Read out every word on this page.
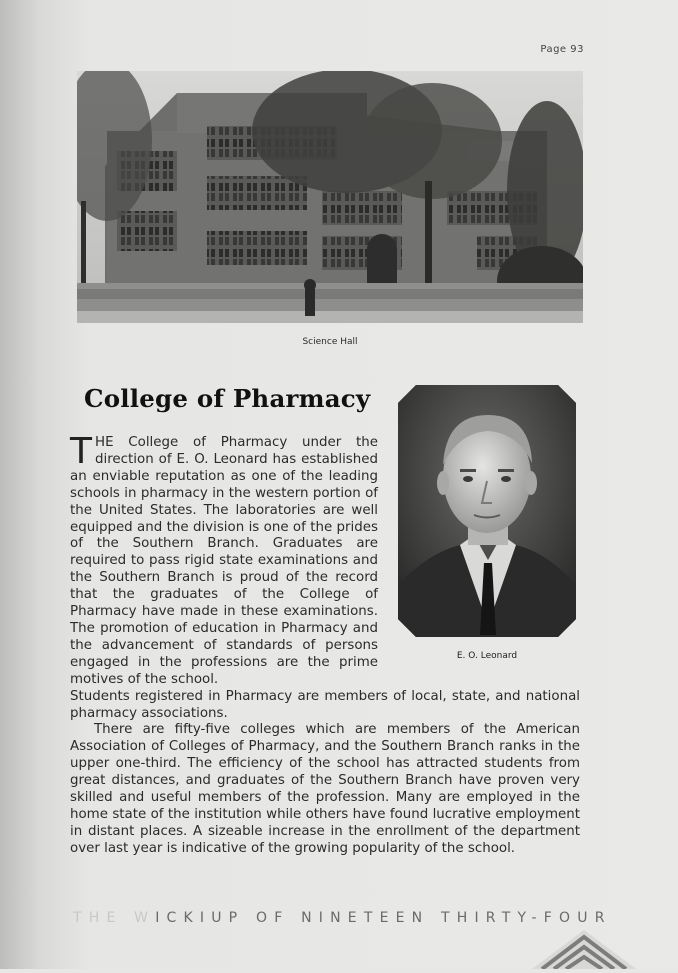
Page 93
Science Hall
College of Pharmacy
E. O. Leonard

THE College of Pharmacy under the direction of E. O. Leonard has established an enviable reputation as one of the leading schools in pharmacy in the western portion of the United States. The laboratories are well equipped and the division is one of the prides of the Southern Branch. Graduates are required to pass rigid state examinations and the Southern Branch is proud of the record that the graduates of the College of Pharmacy have made in these examinations. The promotion of education in Pharmacy and the advancement of standards of persons engaged in the professions are the prime motives of the school.

Students registered in Pharmacy are members of local, state, and national pharmacy associations.

There are fifty-five colleges which are members of the American Association of Colleges of Pharmacy, and the Southern Branch ranks in the upper one-third. The efficiency of the school has attracted students from great distances, and graduates of the Southern Branch have proven very skilled and useful members of the profession. Many are employed in the home state of the institution while others have found lucrative employment in distant places. A sizeable increase in the enrollment of the department over last year is indicative of the growing popularity of the school.

THE WICKIUP OF NINETEEN THIRTY-FOUR
